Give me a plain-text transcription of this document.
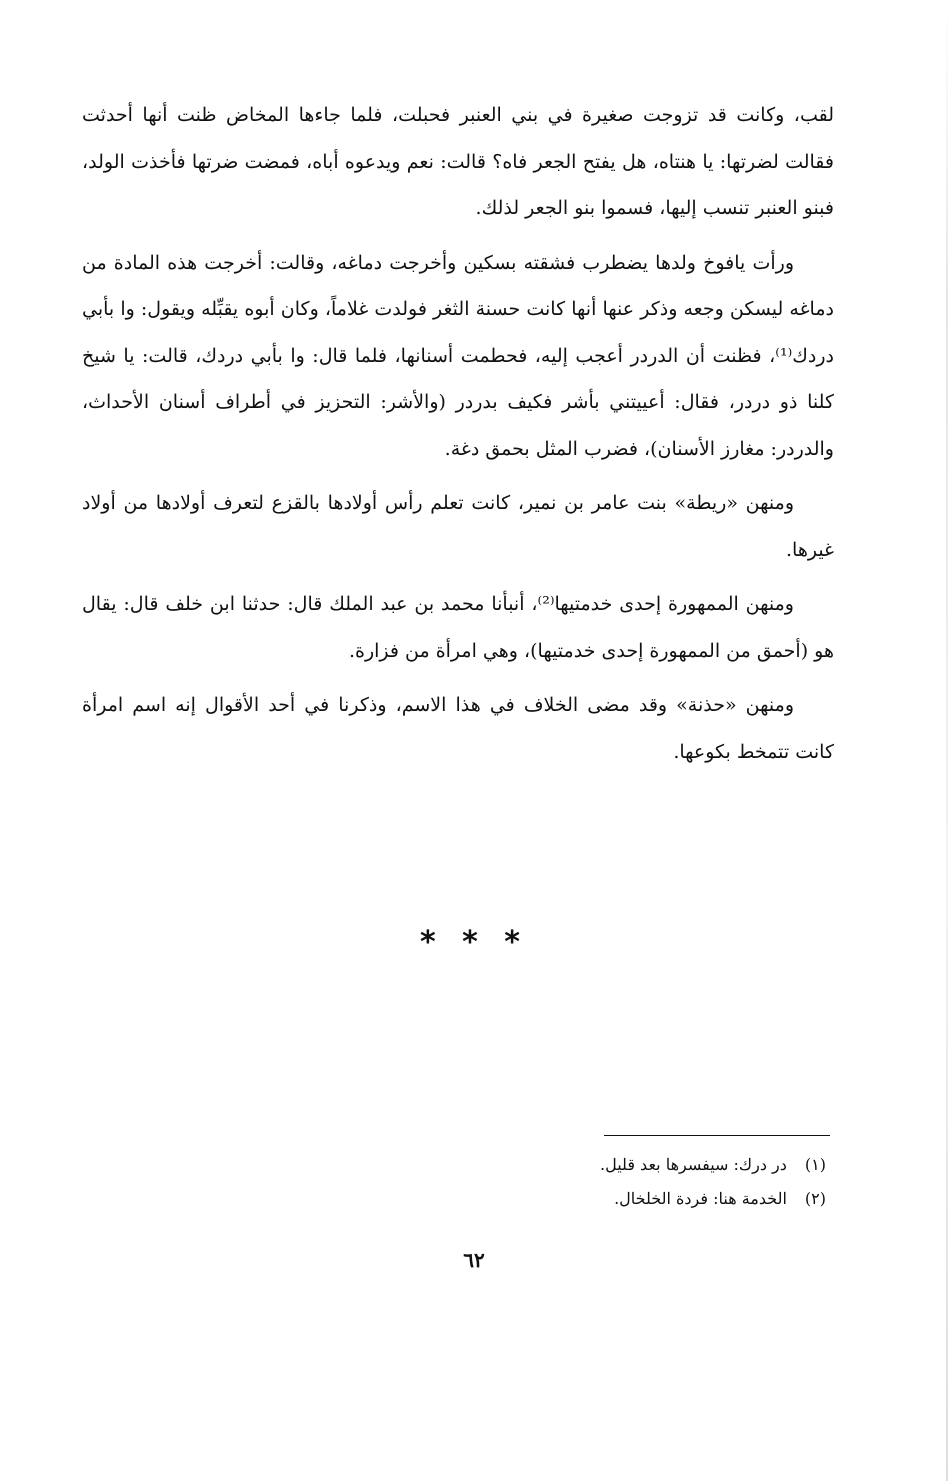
لقب، وكانت قد تزوجت صغيرة في بني العنبر فحبلت، فلما جاءها المخاض ظنت أنها أحدثت فقالت لضرتها: يا هنتاه، هل يفتح الجعر فاه؟ قالت: نعم ويدعوه أباه، فمضت ضرتها فأخذت الولد، فبنو العنبر تنسب إليها، فسموا بنو الجعر لذلك.

ورأت يافوخ ولدها يضطرب فشقته بسكين وأخرجت دماغه، وقالت: أخرجت هذه المادة من دماغه ليسكن وجعه وذكر عنها أنها كانت حسنة الثغر فولدت غلاماً، وكان أبوه يقبِّله ويقول: وا بأبي دردك⁽¹⁾، فظنت أن الدردر أعجب إليه، فحطمت أسنانها، فلما قال: وا بأبي دردك، قالت: يا شيخ كلنا ذو دردر، فقال: أعييتني بأشر فكيف بدردر (والأشر: التحزيز في أطراف أسنان الأحداث، والدردر: مغارز الأسنان)، فضرب المثل بحمق دغة.

ومنهن «ريطة» بنت عامر بن نمير، كانت تعلم رأس أولادها بالقزع لتعرف أولادها من أولاد غيرها.

ومنهن الممهورة إحدى خدمتيها⁽²⁾، أنبأنا محمد بن عبد الملك قال: حدثنا ابن خلف قال: يقال هو (أحمق من الممهورة إحدى خدمتيها)، وهي امرأة من فزارة.

ومنهن «حذنة» وقد مضى الخلاف في هذا الاسم، وذكرنا في أحد الأقوال إنه اسم امرأة كانت تتمخط بكوعها.

* * *

(١) در درك: سيفسرها بعد قليل.

(٢) الخدمة هنا: فردة الخلخال.

٦٢
